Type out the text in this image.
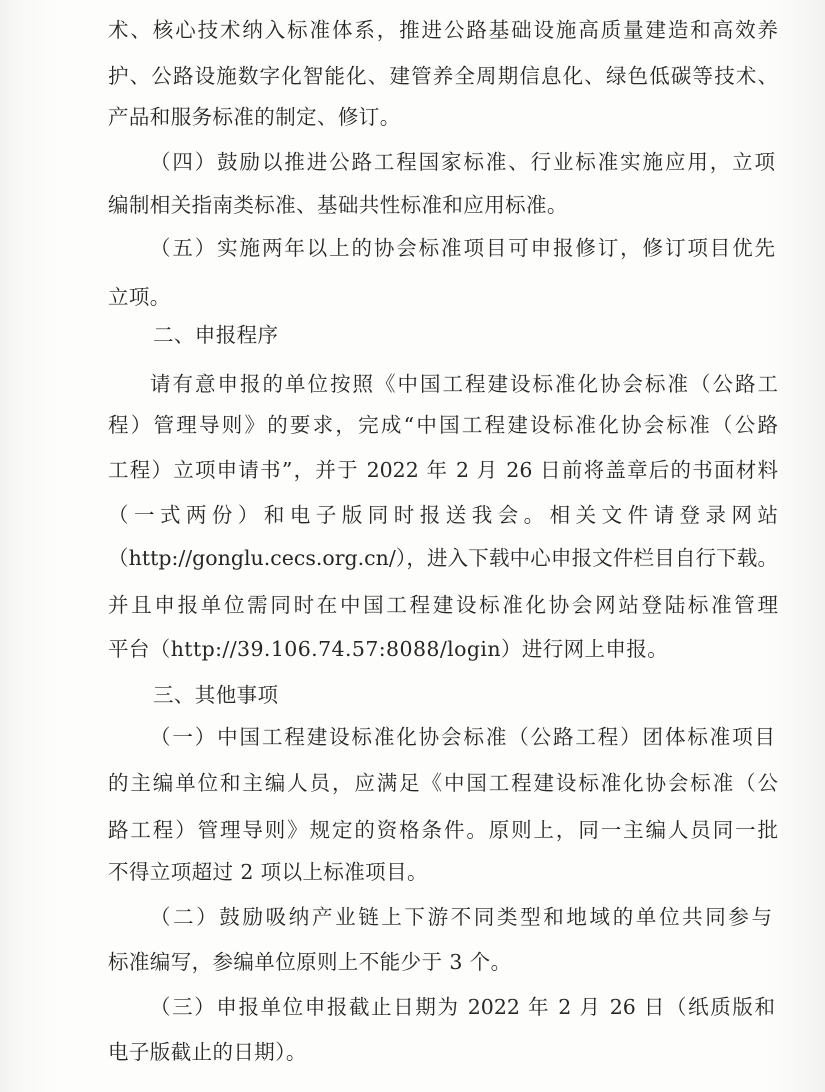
术、核心技术纳入标准体系，推进公路基础设施高质量建造和高效养
护、公路设施数字化智能化、建管养全周期信息化、绿色低碳等技术、
产品和服务标准的制定、修订。
（四）鼓励以推进公路工程国家标准、行业标准实施应用，立项
编制相关指南类标准、基础共性标准和应用标准。
（五）实施两年以上的协会标准项目可申报修订，修订项目优先
立项。
二、申报程序
请有意申报的单位按照《中国工程建设标准化协会标准（公路工
程）管理导则》的要求，完成“中国工程建设标准化协会标准（公路
工程）立项申请书”，并于 2022 年 2 月 26 日前将盖章后的书面材料
（一式两份）和电子版同时报送我会。相关文件请登录网站
（http://gonglu.cecs.org.cn/），进入下载中心申报文件栏目自行下载。
并且申报单位需同时在中国工程建设标准化协会网站登陆标准管理
平台（http://39.106.74.57:8088/login）进行网上申报。
三、其他事项
（一）中国工程建设标准化协会标准（公路工程）团体标准项目
的主编单位和主编人员，应满足《中国工程建设标准化协会标准（公
路工程）管理导则》规定的资格条件。原则上，同一主编人员同一批
不得立项超过 2 项以上标准项目。
（二）鼓励吸纳产业链上下游不同类型和地域的单位共同参与
标准编写，参编单位原则上不能少于 3 个。
（三）申报单位申报截止日期为 2022 年 2 月 26 日（纸质版和
电子版截止的日期）。
